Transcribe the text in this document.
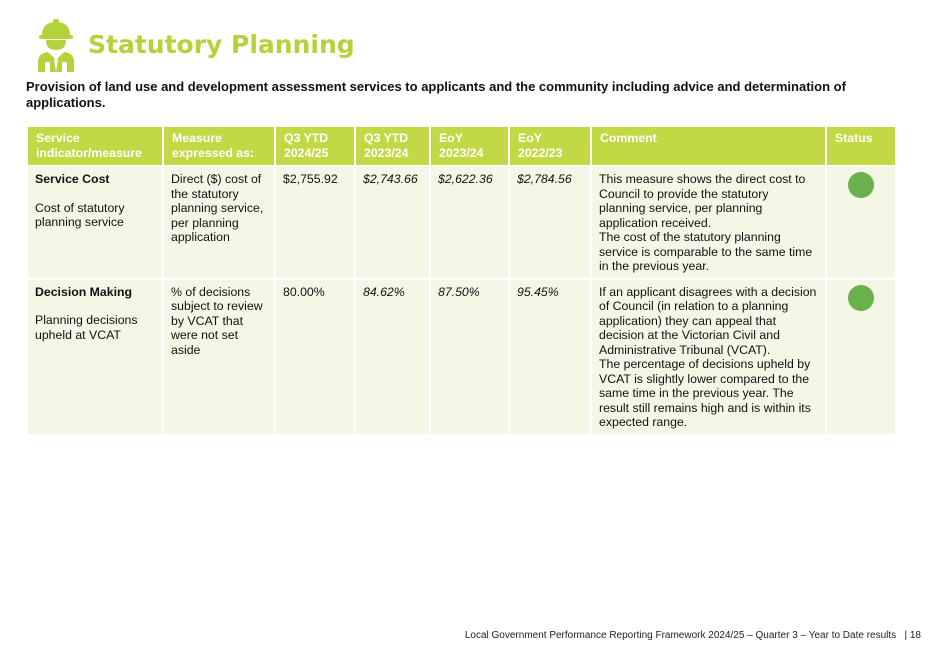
Statutory Planning
Provision of land use and development assessment services to applicants and the community including advice and determination of applications.
Service indicator/measure	Measure expressed as:	Q3 YTD 2024/25	Q3 YTD 2023/24	EoY 2023/24	EoY 2022/23	Comment	Status

Service Cost
Cost of statutory planning service	Direct ($) cost of the statutory planning service, per planning application	$2,755.92	$2,743.66	$2,622.36	$2,784.56	This measure shows the direct cost to Council to provide the statutory planning service, per planning application received.
The cost of the statutory planning service is comparable to the same time in the previous year.	

Decision Making
Planning decisions upheld at VCAT	% of decisions subject to review by VCAT that were not set aside	80.00%	84.62%	87.50%	95.45%	If an applicant disagrees with a decision of Council (in relation to a planning application) they can appeal that decision at the Victorian Civil and Administrative Tribunal (VCAT).
The percentage of decisions upheld by VCAT is slightly lower compared to the same time in the previous year. The result still remains high and is within its expected range.	
Local Government Performance Reporting Framework 2024/25 – Quarter 3 – Year to Date results   | 18
